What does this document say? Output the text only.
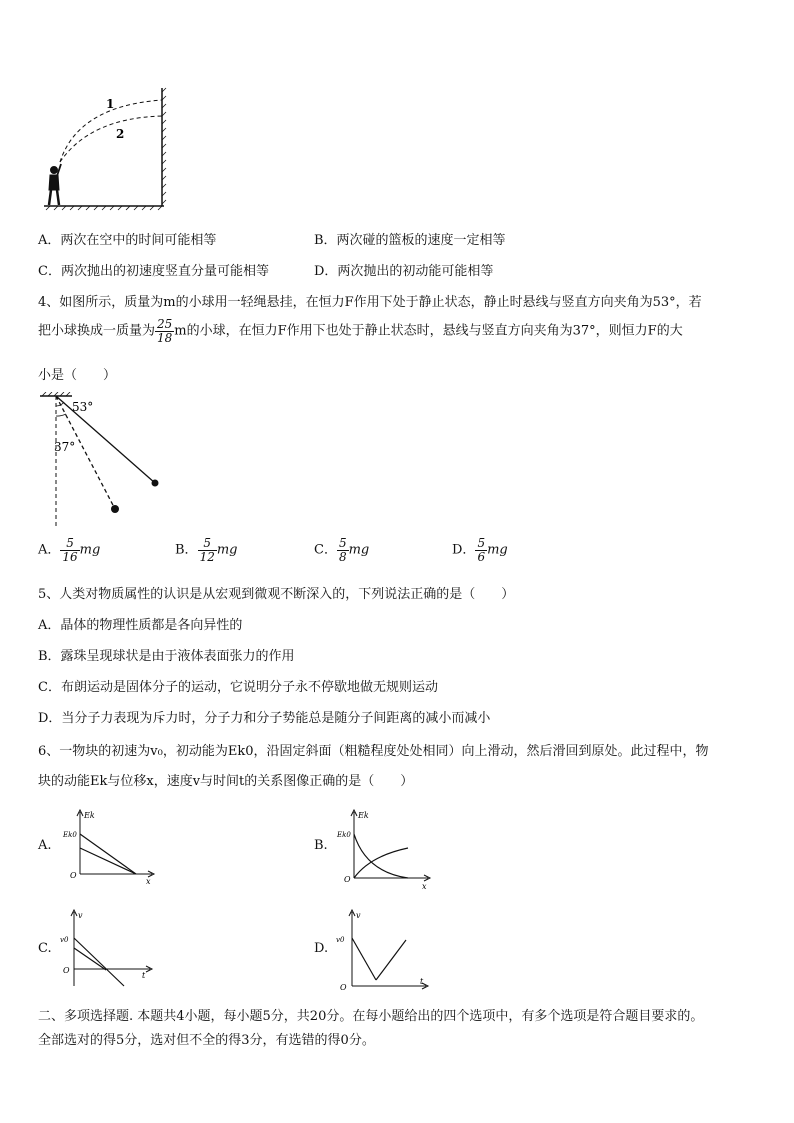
1
2
A．两次在空中的时间可能相等	B．两次碰的篮板的速度一定相等
C．两次抛出的初速度竖直分量可能相等	D．两次抛出的初动能可能相等
4、如图所示，质量为m的小球用一轻绳悬挂，在恒力F作用下处于静止状态，静止时悬线与竖直方向夹角为53°，若
把小球换成一质量为 $\frac{25}{18}$ m的小球，在恒力F作用下也处于静止状态时，悬线与竖直方向夹角为37°，则恒力F的大
小是（　　）
53°
37°
A． $\frac{5}{16}$ mg	B． $\frac{5}{12}$ mg	C． $\frac{5}{8}$ mg	D． $\frac{5}{6}$ mg
5、人类对物质属性的认识是从宏观到微观不断深入的，下列说法正确的是（　　）
A．晶体的物理性质都是各向异性的
B．露珠呈现球状是由于液体表面张力的作用
C．布朗运动是固体分子的运动，它说明分子永不停歇地做无规则运动
D．当分子力表现为斥力时，分子力和分子势能总是随分子间距离的减小而减小
6、一物块的初速为v₀，初动能为Ek0，沿固定斜面（粗糙程度处处相同）向上滑动，然后滑回到原处。此过程中，物
块的动能Ek与位移x，速度v与时间t的关系图像正确的是（　　）
A.
Ek
Ek0
O
x
B.
Ek
Ek0
O
x
C.
v
v0
O
t
D.
v
v0
O
t
二、多项选择题. 本题共4小题，每小题5分，共20分。在每小题给出的四个选项中，有多个选项是符合题目要求的。
全部选对的得5分，选对但不全的得3分，有选错的得0分。
